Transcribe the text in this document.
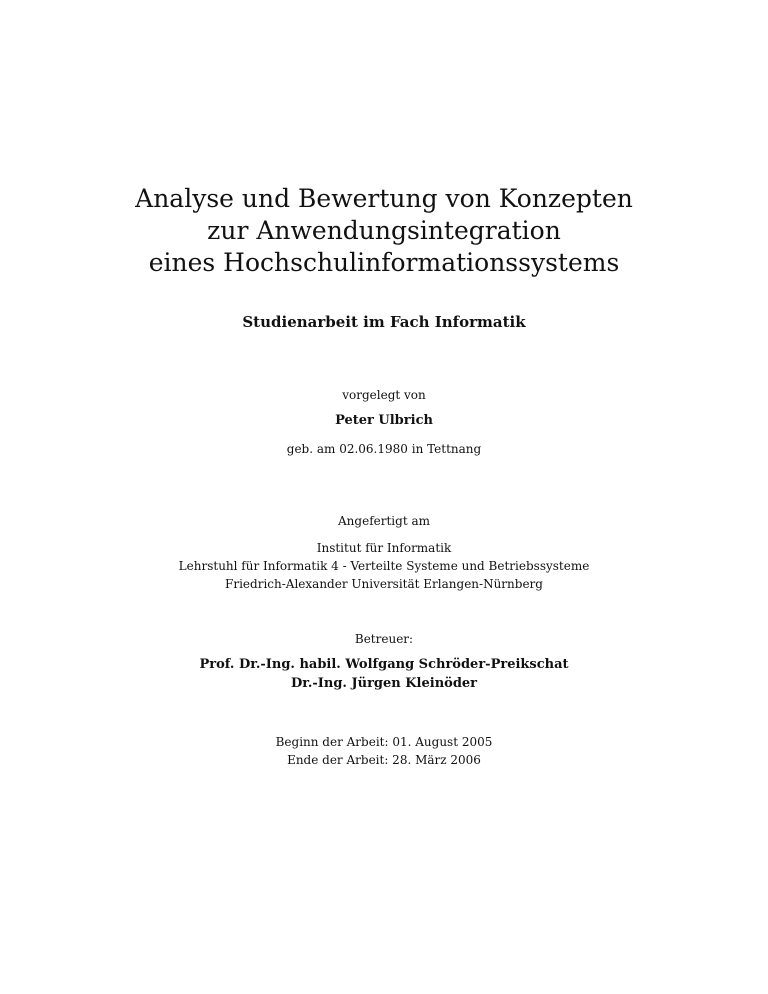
Analyse und Bewertung von Konzepten
zur Anwendungsintegration
eines Hochschulinformationssystems
Studienarbeit im Fach Informatik
vorgelegt von
Peter Ulbrich
geb. am 02.06.1980 in Tettnang
Angefertigt am
Institut für Informatik
Lehrstuhl für Informatik 4 - Verteilte Systeme und Betriebssysteme
Friedrich-Alexander Universität Erlangen-Nürnberg
Betreuer:
Prof. Dr.-Ing. habil. Wolfgang Schröder-Preikschat
Dr.-Ing. Jürgen Kleinöder
Beginn der Arbeit: 01. August 2005
Ende der Arbeit: 28. März 2006
